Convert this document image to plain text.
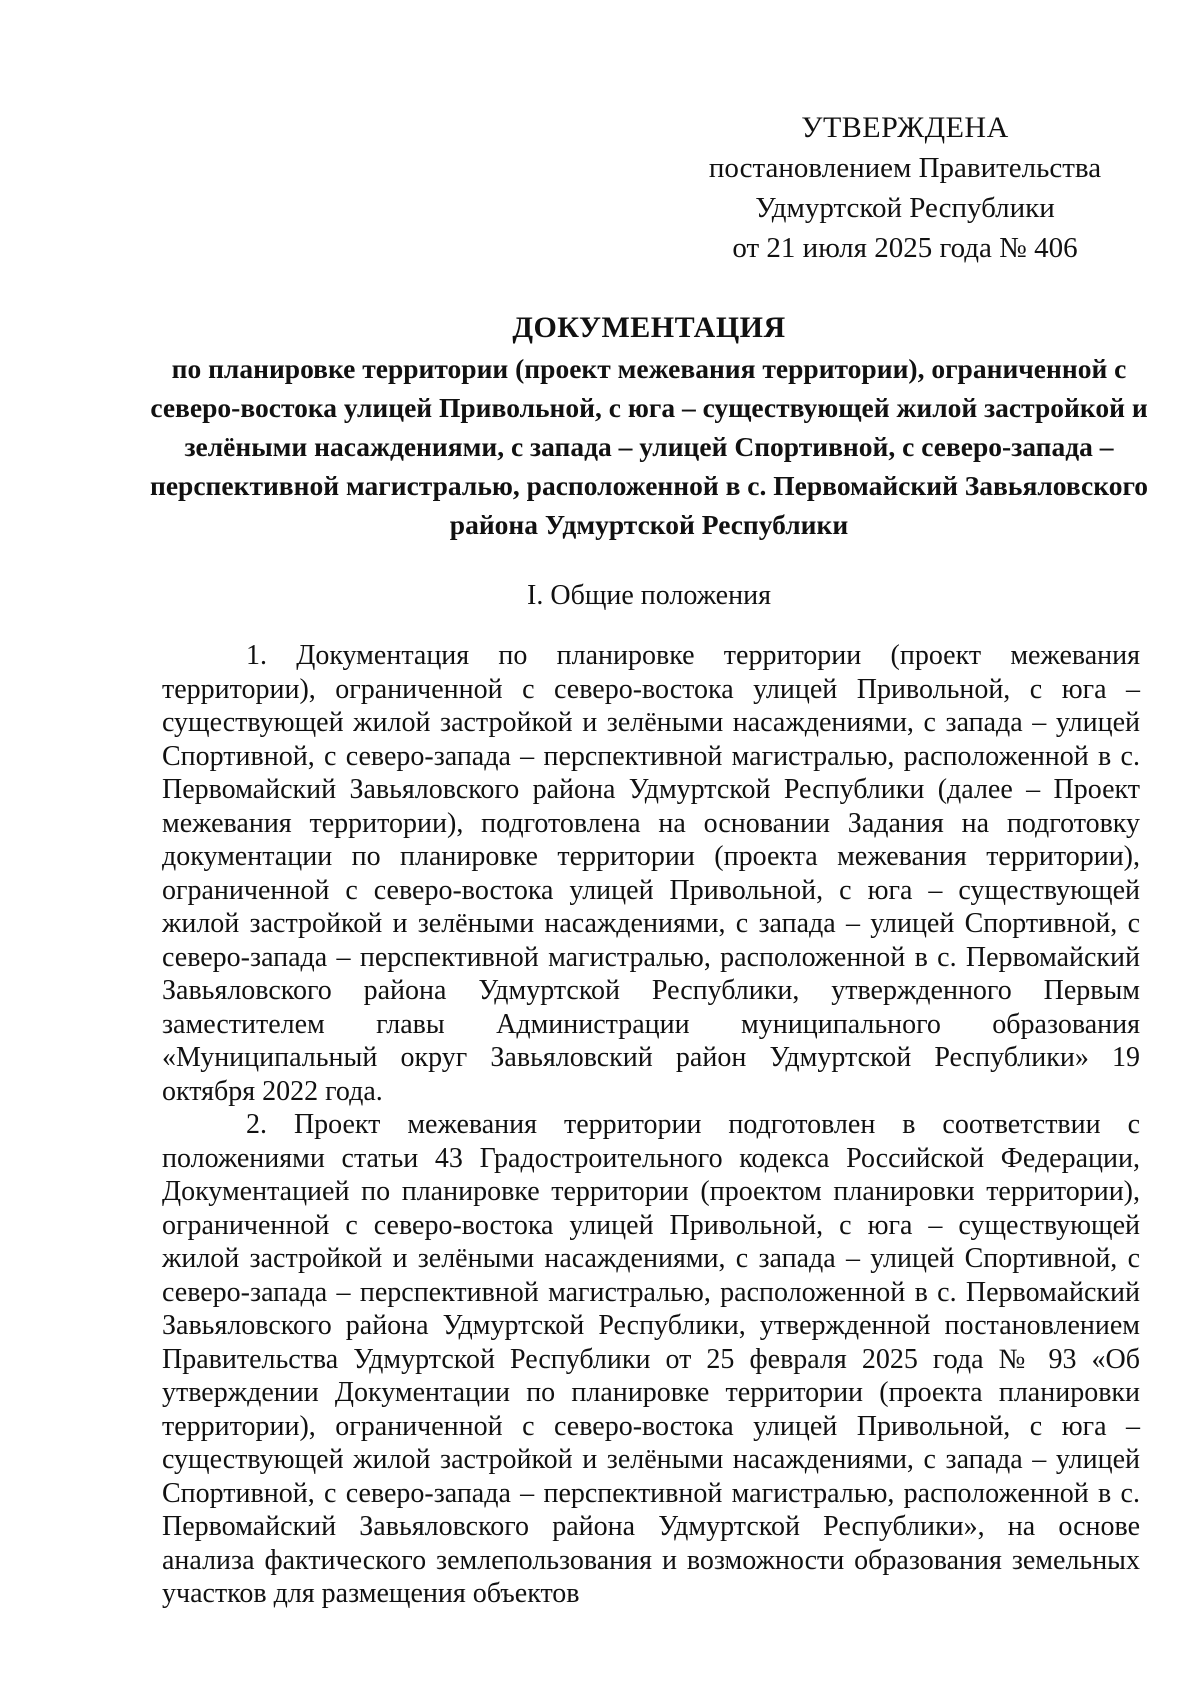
УТВЕРЖДЕНА
постановлением Правительства
Удмуртской Республики
от 21 июля 2025 года № 406
ДОКУМЕНТАЦИЯ
по планировке территории (проект межевания территории), ограниченной с северо-востока улицей Привольной, с юга – существующей жилой застройкой и зелёными насаждениями, с запада – улицей Спортивной, с северо-запада – перспективной магистралью, расположенной в с. Первомайский Завьяловского района Удмуртской Республики
I. Общие положения

1. Документация по планировке территории (проект межевания территории), ограниченной с северо-востока улицей Привольной, с юга – существующей жилой застройкой и зелёными насаждениями, с запада – улицей Спортивной, с северо-запада – перспективной магистралью, расположенной в с. Первомайский Завьяловского района Удмуртской Республики (далее – Проект межевания территории), подготовлена на основании Задания на подготовку документации по планировке территории (проекта межевания территории), ограниченной с северо-востока улицей Привольной, с юга – существующей жилой застройкой и зелёными насаждениями, с запада – улицей Спортивной, с северо-запада – перспективной магистралью, расположенной в с. Первомайский Завьяловского района Удмуртской Республики, утвержденного Первым заместителем главы Администрации муниципального образования «Муниципальный округ Завьяловский район Удмуртской Республики» 19 октября 2022 года.

2. Проект межевания территории подготовлен в соответствии с положениями статьи 43 Градостроительного кодекса Российской Федерации, Документацией по планировке территории (проектом планировки территории), ограниченной с северо-востока улицей Привольной, с юга – существующей жилой застройкой и зелёными насаждениями, с запада – улицей Спортивной, с северо-запада – перспективной магистралью, расположенной в с. Первомайский Завьяловского района Удмуртской Республики, утвержденной постановлением Правительства Удмуртской Республики от 25 февраля 2025 года № 93 «Об утверждении Документации по планировке территории (проекта планировки территории), ограниченной с северо-востока улицей Привольной, с юга – существующей жилой застройкой и зелёными насаждениями, с запада – улицей Спортивной, с северо-запада – перспективной магистралью, расположенной в с. Первомайский Завьяловского района Удмуртской Республики», на основе анализа фактического землепользования и возможности образования земельных участков для размещения объектов
